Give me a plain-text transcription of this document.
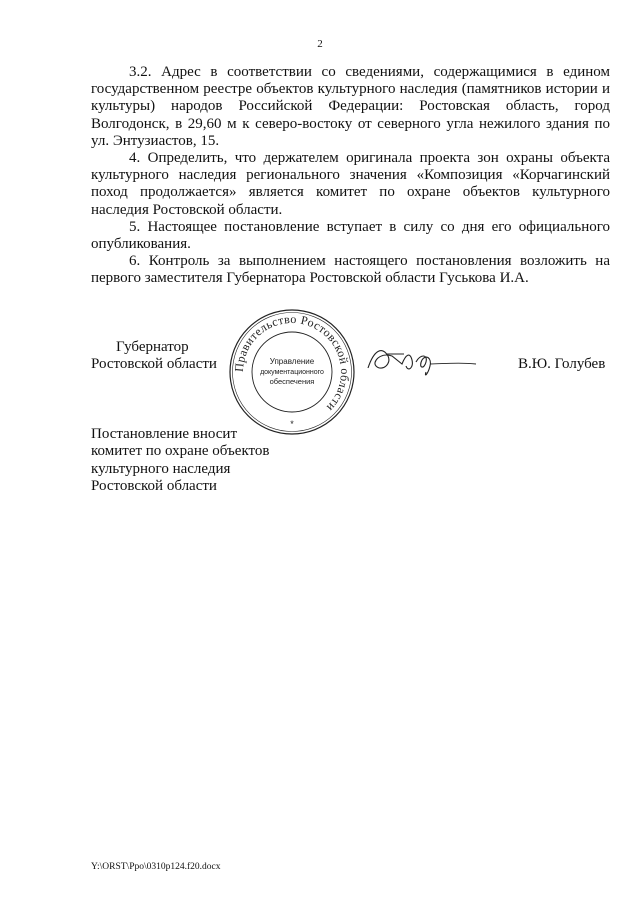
2

3.2. Адрес в соответствии со сведениями, содержащимися в едином государственном реестре объектов культурного наследия (памятников истории и культуры) народов Российской Федерации: Ростовская область, город Волгодонск, в 29,60 м к северо-востоку от северного угла нежилого здания по ул. Энтузиастов, 15.

4. Определить, что держателем оригинала проекта зон охраны объекта культурного наследия регионального значения «Композиция «Корчагинский поход продолжается» является комитет по охране объектов культурного наследия Ростовской области.

5. Настоящее постановление вступает в силу со дня его официального опубликования.

6. Контроль за выполнением настоящего постановления возложить на первого заместителя Губернатора Ростовской области Гуськова И.А.

Губернатор
Ростовской области Правительство Ростовской области
Управление
документационного
обеспечения
*
В.Ю. Голубев
Постановление вносит
комитет по охране объектов
культурного наследия
Ростовской области
Y:\ORST\Ppo\0310p124.f20.docx
